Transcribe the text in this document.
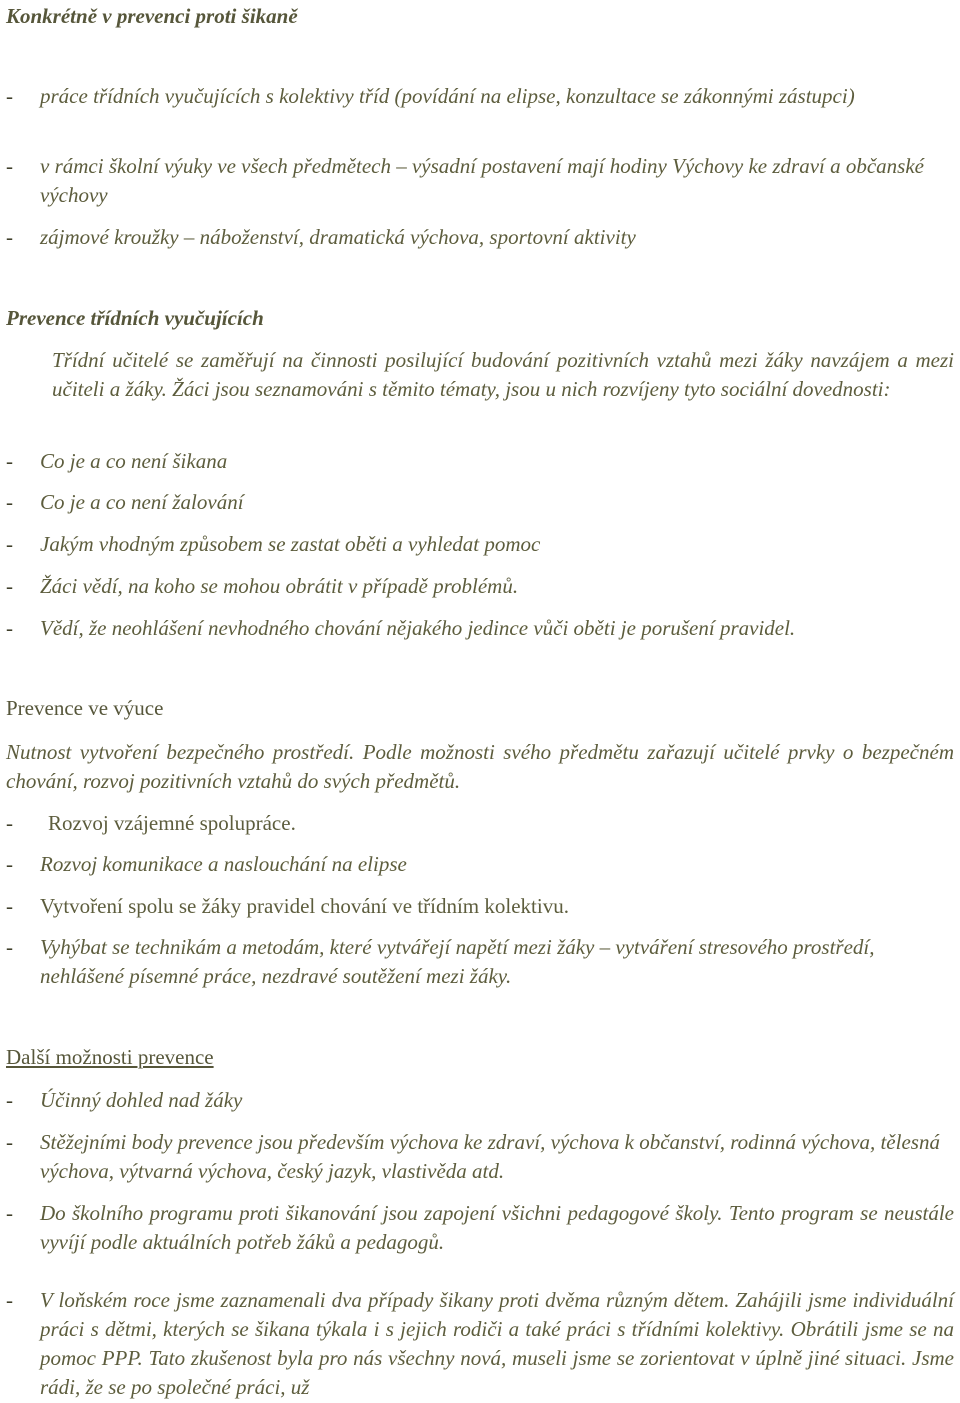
Konkrétně v prevenci proti šikaně
- práce třídních vyučujících s kolektivy tříd (povídání na elipse, konzultace se zákonnými zástupci)
- v rámci školní výuky ve všech předmětech – výsadní postavení mají hodiny Výchovy ke zdraví a občanské výchovy
- zájmové kroužky – náboženství, dramatická výchova, sportovní aktivity
Prevence třídních vyučujících

Třídní učitelé se zaměřují na činnosti posilující budování pozitivních vztahů mezi žáky navzájem a mezi učiteli a žáky. Žáci jsou seznamováni s těmito tématy, jsou u nich rozvíjeny tyto sociální dovednosti:

- Co je a co není šikana
- Co je a co není žalování
- Jakým vhodným způsobem se zastat oběti a vyhledat pomoc
- Žáci vědí, na koho se mohou obrátit v případě problémů.
- Vědí, že neohlášení nevhodného chování nějakého jedince vůči oběti je porušení pravidel.
Prevence ve výuce

Nutnost vytvoření bezpečného prostředí. Podle možnosti svého předmětu zařazují učitelé prvky o bezpečném chování, rozvoj pozitivních vztahů do svých předmětů.

- Rozvoj vzájemné spolupráce.
- Rozvoj komunikace a naslouchání na elipse
- Vytvoření spolu se žáky pravidel chování ve třídním kolektivu.
- Vyhýbat se technikám a metodám, které vytvářejí napětí mezi žáky – vytváření stresového prostředí, nehlášené písemné práce, nezdravé soutěžení mezi žáky.
Další možnosti prevence
- Účinný dohled nad žáky
- Stěžejními body prevence jsou především výchova ke zdraví, výchova k občanství, rodinná výchova, tělesná výchova, výtvarná výchova, český jazyk, vlastivěda atd.
- Do školního programu proti šikanování jsou zapojení všichni pedagogové školy. Tento program se neustále vyvíjí podle aktuálních potřeb žáků a pedagogů.
- V loňském roce jsme zaznamenali dva případy šikany proti dvěma různým dětem. Zahájili jsme individuální práci s dětmi, kterých se šikana týkala i s jejich rodiči a také práci s třídními kolektivy. Obrátili jsme se na pomoc PPP. Tato zkušenost byla pro nás všechny nová, museli jsme se zorientovat v úplně jiné situaci. Jsme rádi, že se po společné práci, už
